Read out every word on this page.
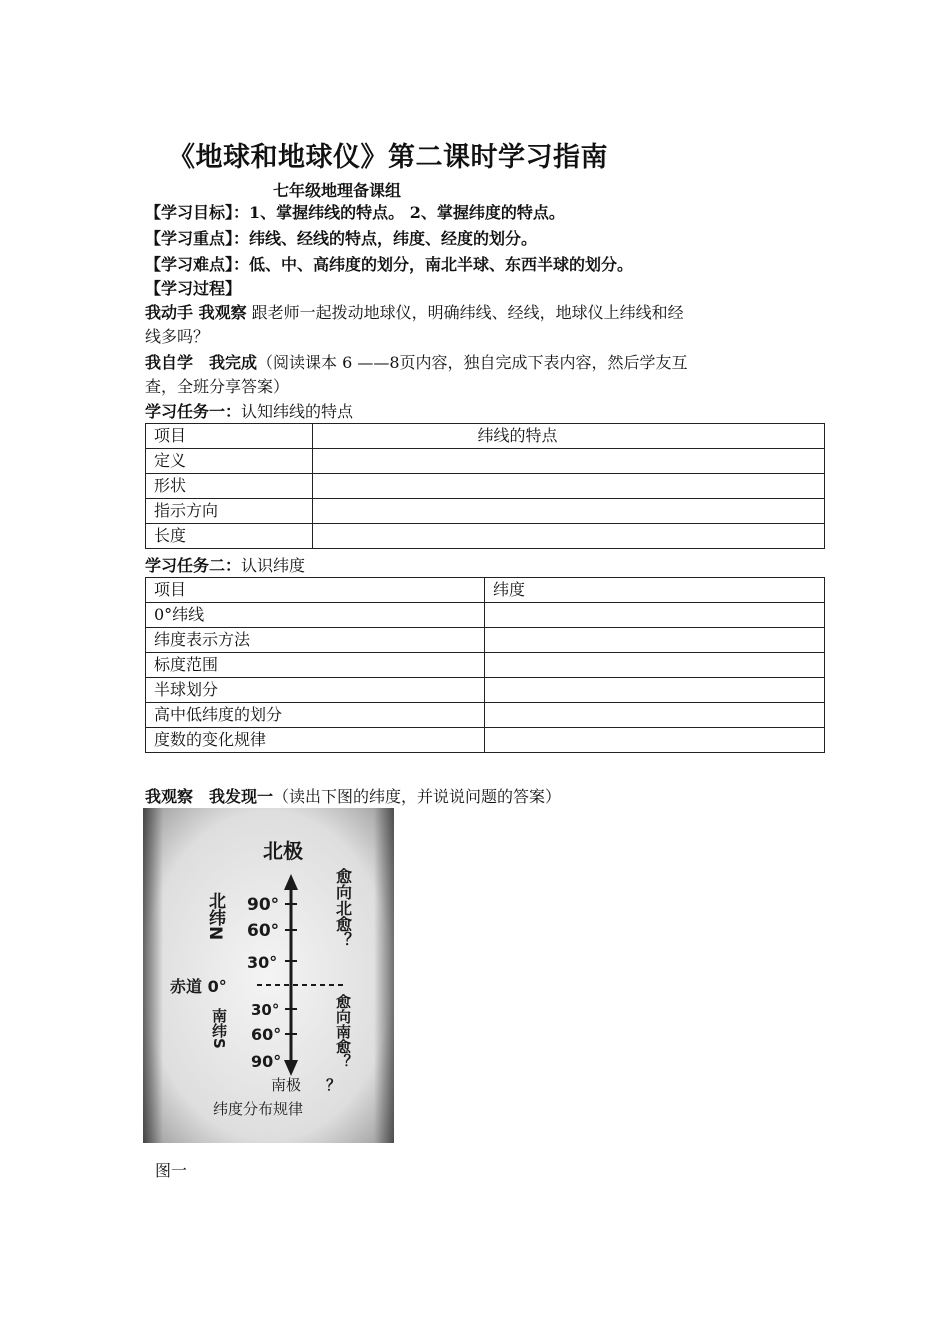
《地球和地球仪》第二课时学习指南
七年级地理备课组
【学习目标】：1、掌握纬线的特点。 2、掌握纬度的特点。
【学习重点】：纬线、经线的特点，纬度、经度的划分。
【学习难点】：低、中、高纬度的划分，南北半球、东西半球的划分。
【学习过程】
我动手 我观察 跟老师一起拨动地球仪，明确纬线、经线，地球仪上纬线和经
线多吗？
我自学　我完成（阅读课本 6 ——8页内容，独自完成下表内容，然后学友互
查，全班分享答案）
学习任务一：认知纬线的特点
项目	纬线的特点
定义	
形状	
指示方向	
长度	
学习任务二：认识纬度
项目	纬度
0°纬线	
纬度表示方法	
标度范围	
半球划分	
高中低纬度的划分	
度数的变化规律	
我观察　我发现一（读出下图的纬度，并说说问题的答案）
北极
赤道 0°
90°
60°
30°
30°
60°
90°
北纬N
南纬S
愈向北愈？
愈向南愈？
南极 ？
纬度分布规律
图一
